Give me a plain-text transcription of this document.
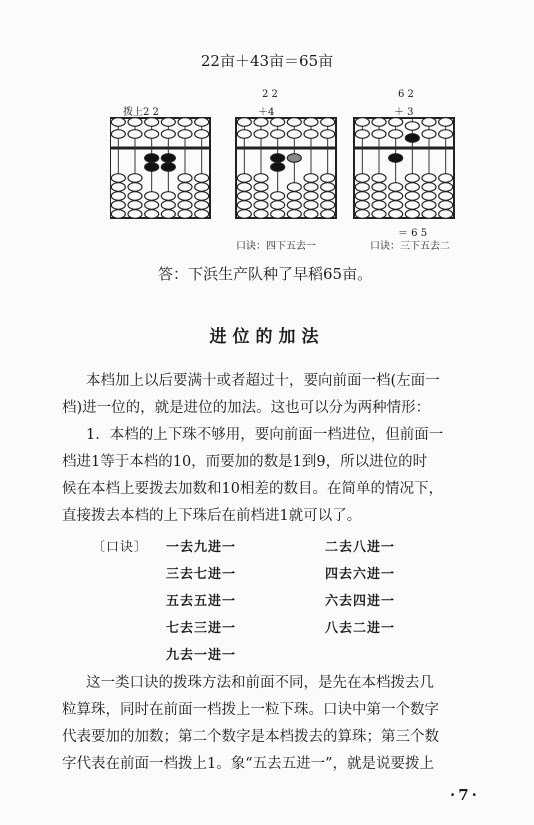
22亩＋43亩＝65亩
拨上2 2
2 2
＋4
6 2
＋ 3
＝ 6 5
口诀：四下五去一	口诀：三下五去二
答：下浜生产队种了早稻65亩。
进位的加法
本档加上以后要满十或者超过十，要向前面一档(左面一
档)进一位的，就是进位的加法。这也可以分为两种情形：
1．本档的上下珠不够用，要向前面一档进位，但前面一
档进1等于本档的10，而要加的数是1到9，所以进位的时
候在本档上要拨去加数和10相差的数目。在简单的情况下，
直接拨去本档的上下珠后在前档进1就可以了。
〔口诀〕 一去九进一	二去八进一
三去七进一	四去六进一
五去五进一	六去四进一
七去三进一	八去二进一
九去一进一
这一类口诀的拨珠方法和前面不同，是先在本档拨去几
粒算珠，同时在前面一档拨上一粒下珠。口诀中第一个数字
代表要加的加数；第二个数字是本档拨去的算珠；第三个数
字代表在前面一档拨上1。象“五去五进一”，就是说要拨上
·7·
